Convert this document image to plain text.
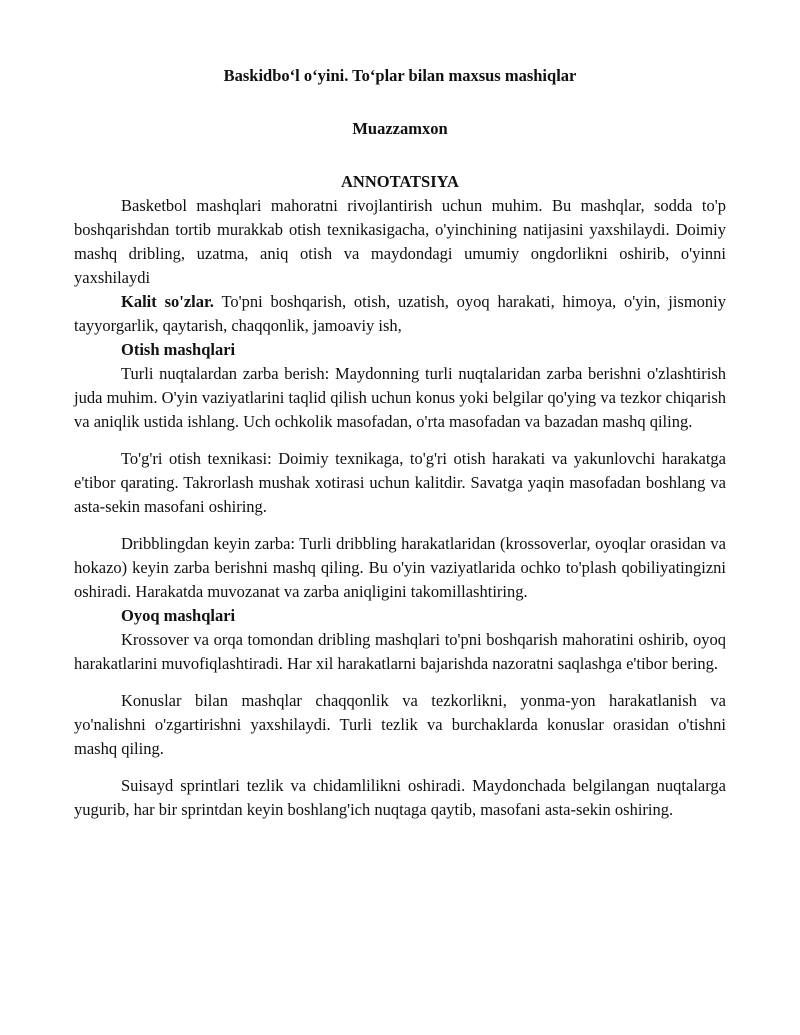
Baskidbo‘l o‘yini. To‘plar bilan maxsus mashiqlar
Muazzamxon
ANNOTATSIYA

Basketbol mashqlari mahoratni rivojlantirish uchun muhim. Bu mashqlar, sodda to'p boshqarishdan tortib murakkab otish texnikasigacha, o'yinchining natijasini yaxshilaydi. Doimiy mashq dribling, uzatma, aniq otish va maydondagi umumiy ongdorlikni oshirib, o'yinni yaxshilaydi

Kalit so'zlar. To'pni boshqarish, otish, uzatish, oyoq harakati, himoya, o'yin, jismoniy tayyorgarlik, qaytarish, chaqqonlik, jamoaviy ish,

Otish mashqlari

Turli nuqtalardan zarba berish: Maydonning turli nuqtalaridan zarba berishni o'zlashtirish juda muhim. O'yin vaziyatlarini taqlid qilish uchun konus yoki belgilar qo'ying va tezkor chiqarish va aniqlik ustida ishlang. Uch ochkolik masofadan, o'rta masofadan va bazadan mashq qiling.

To'g'ri otish texnikasi: Doimiy texnikaga, to'g'ri otish harakati va yakunlovchi harakatga e'tibor qarating. Takrorlash mushak xotirasi uchun kalitdir. Savatga yaqin masofadan boshlang va asta-sekin masofani oshiring.

Dribblingdan keyin zarba: Turli dribbling harakatlaridan (krossoverlar, oyoqlar orasidan va hokazo) keyin zarba berishni mashq qiling. Bu o'yin vaziyatlarida ochko to'plash qobiliyatingizni oshiradi. Harakatda muvozanat va zarba aniqligini takomillashtiring.

Oyoq mashqlari

Krossover va orqa tomondan dribling mashqlari to'pni boshqarish mahoratini oshirib, oyoq harakatlarini muvofiqlashtiradi. Har xil harakatlarni bajarishda nazoratni saqlashga e'tibor bering.

Konuslar bilan mashqlar chaqqonlik va tezkorlikni, yonma-yon harakatlanish va yo'nalishni o'zgartirishni yaxshilaydi. Turli tezlik va burchaklarda konuslar orasidan o'tishni mashq qiling.

Suisayd sprintlari tezlik va chidamlilikni oshiradi. Maydonchada belgilangan nuqtalarga yugurib, har bir sprintdan keyin boshlang'ich nuqtaga qaytib, masofani asta-sekin oshiring.
